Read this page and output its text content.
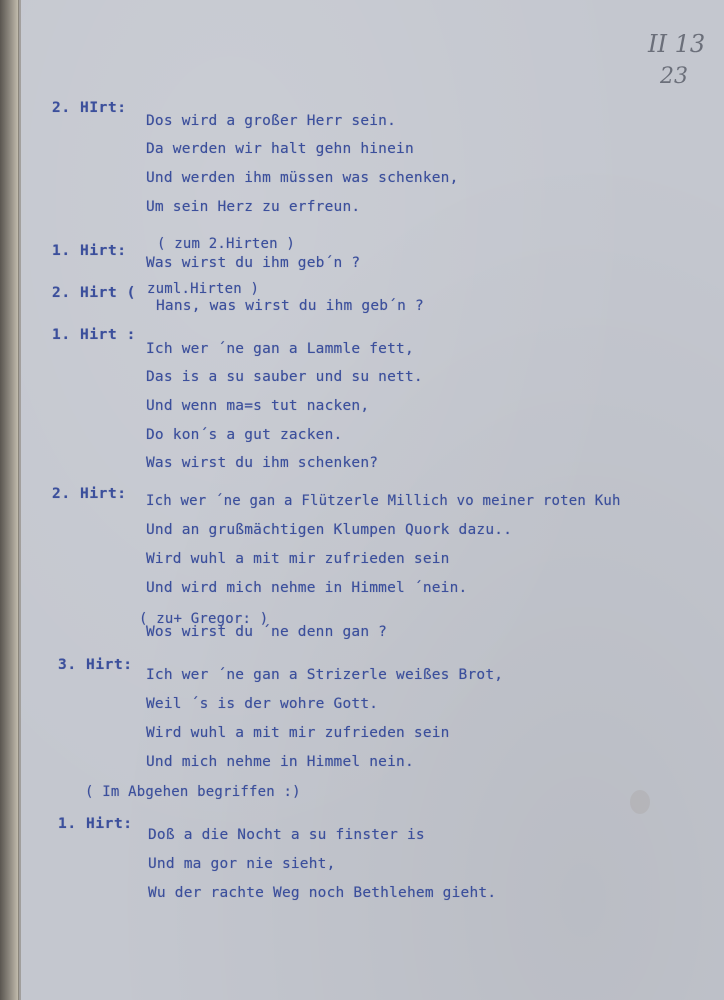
II 13
23
2. HIrt:
Dos wird a großer Herr sein.
Da werden wir halt gehn hinein
Und werden ihm müssen was schenken,
Um sein Herz zu erfreun.
1. Hirt: ( zum 2.Hirten )
Was wirst du ihm geb´n ?
2. Hirt ( zuml.Hirten )
Hans, was wirst du ihm geb´n ?
1. Hirt :
Ich wer ´ne gan a Lammle fett,
Das is a su sauber und su nett.
Und wenn ma=s tut nacken,
Do kon´s a gut zacken.
Was wirst du ihm schenken?
2. Hirt: Ich wer ´ne gan a Flützerle Millich vo meiner roten Kuh
Und an grußmächtigen Klumpen Quork dazu..
Wird wuhl a mit mir zufrieden sein
Und wird mich nehme in Himmel ´nein.
( zu+ Gregor: )
Wos wirst du ´ne denn gan ?
3. Hirt:
Ich wer ´ne gan a Strizerle weißes Brot,
Weil ´s is der wohre Gott.
Wird wuhl a mit mir zufrieden sein
Und mich nehme in Himmel nein.
( Im Abgehen begriffen :)
1. Hirt:
Doß a die Nocht a su finster is
Und ma gor nie sieht,
Wu der rachte Weg noch Bethlehem gieht.
